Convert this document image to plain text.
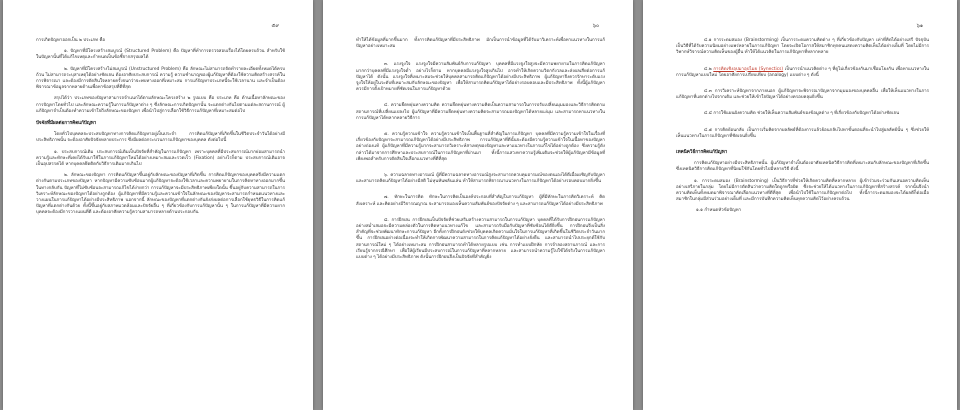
๕๙

การเกิดปัญหาออกเป็น ๒ ประเภท คือ

๑. ปัญหาที่มีโครงสร้างสมบูรณ์ (Structured Problem) คือ ปัญหาที่ทำการตรวจสอบเรื่องได้โดยครบถ้วน สำหรับใช้ในปัญหานั้นที่ได้แก้ไขเหตุและกำหนดเป็นข้อชี้จากสรุปผลได้

๒. ปัญหาที่มีโครงสร้างไม่สมบูรณ์ (Unstructured Problem) คือ ลักษณะไม่สามารถจัดทำรายละเอียดทั้งหมดได้ครบถ้วน ไม่สามารถระบุสาเหตุได้อย่างชัดเจน ต้องอาศัยประสบการณ์ ความรู้ ความชำนาญของผู้แก้ปัญหาที่ต้องใช้ความคิดสร้างสรรค์ในการพิจารณา และต้องมีการตัดสินใจหลายครั้งจนกว่าจะพบทางออกที่เหมาะสม การแก้ปัญหาประเภทนี้จะใช้เวลานาน และจำเป็นต้องพิจารณาข้อมูลจากหลายด้านเพื่อหาข้อสรุปที่ดีที่สุด

สรุปได้ว่า ประเภทของปัญหาสามารถจำแนกได้ตามลักษณะโครงสร้าง ๒ รูปแบบ คือ ประเภท คือ ด้านเนื้อหาลักษณะของการปัญหาโดยทั่วไป และลักษณะความรู้ในการแก้ปัญหาต่าง ๆ ซึ่งลักษณะการเกิดปัญหานั้น จะแตกต่างกันไปตามแต่ละสถานการณ์ ผู้แก้ปัญหาจำเป็นต้องทำความเข้าใจถึงลักษณะของปัญหา เพื่อนำไปสู่การเลือกใช้วิธีการแก้ปัญหาที่เหมาะสมต่อไป

ปัจจัยที่มีผลต่อการคิดแก้ปัญหา

โดยทั่วไปบุคคลจะประสบปัญหาทางการคิดแก้ปัญหาอยู่เป็นประจำ การคิดแก้ปัญหาที่เกิดขึ้นในชีวิตประจำวันได้อย่างมีประสิทธิภาพนั้น จะต้องอาศัยปัจจัยหลายประการ ซึ่งมีผลต่อกระบวนการแก้ปัญหาของบุคคล ดังต่อไปนี้

๑. ประสบการณ์เดิม ประสบการณ์เดิมเป็นปัจจัยที่สำคัญในการแก้ปัญหา เพราะบุคคลที่มีประสบการณ์มากย่อมสามารถนำความรู้และทักษะที่เคยได้รับมาใช้ในการแก้ปัญหาใหม่ได้อย่างเหมาะสมและรวดเร็ว (Fixation) อย่างไรก็ตาม ประสบการณ์เดิมอาจเป็นอุปสรรคได้ หากบุคคลยึดติดกับวิธีการเดิมมากเกินไป

๒. ลักษณะของปัญหา การคิดแก้ปัญหาขึ้นอยู่กับลักษณะของปัญหาที่เกิดขึ้น การคิดแก้ปัญหาของบุคคลจึงมีความแตกต่างกันตามประเภทของปัญหา หากปัญหามีความซับซ้อนมากผู้แก้ปัญหาจะต้องใช้เวลาและความพยายามในการคิดหาทางออกมากขึ้น ในทางกลับกัน ปัญหาที่ไม่ซับซ้อนจะสามารถแก้ไขได้ง่ายกว่า การแก้ปัญหาจะมีประสิทธิภาพเพียงใดนั้น ขึ้นอยู่กับความสามารถในการวิเคราะห์ลักษณะของปัญหาได้อย่างถูกต้อง ผู้แก้ปัญหาที่มีความรู้และความเข้าใจในลักษณะของปัญหาจะสามารถกำหนดแนวทางและวางแผนในการแก้ปัญหาได้อย่างมีประสิทธิภาพ นอกจากนี้ ลักษณะของปัญหาที่แตกต่างกันยังส่งผลต่อการเลือกใช้ยุทธวิธีในการคิดแก้ปัญหาที่แตกต่างกันด้วย ทั้งนี้ขึ้นอยู่กับสภาพแวดล้อมและปัจจัยอื่น ๆ ที่เกี่ยวข้องกับการแก้ปัญหานั้น ๆ ในการแก้ปัญหาที่มีความยากบุคคลจะต้องมีการวางแผนที่ดี และต้องอาศัยความรู้ความสามารถหลายด้านประกอบกัน

๖๐

ทำให้ได้ข้อมูลที่มากขึ้นมาก ทั้งการคิดแก้ปัญหาที่มีประสิทธิภาพ มักเป็นการนำข้อมูลที่ได้รับมาวิเคราะห์เพื่อหาแนวทางในการแก้ปัญหาอย่างเหมาะสม

๓. แรงจูงใจ แรงจูงใจมีความสัมพันธ์กับการแก้ปัญหา บุคคลที่มีแรงจูงใจสูงจะมีความพยายามในการคิดแก้ปัญหามากกว่าบุคคลที่มีแรงจูงใจต่ำ อย่างไรก็ตาม หากบุคคลมีแรงจูงใจสูงเกินไป อาจทำให้เกิดความวิตกกังวลและส่งผลเสียต่อการแก้ปัญหาได้ ดังนั้น แรงจูงใจที่เหมาะสมจะช่วยให้บุคคลสามารถคิดแก้ปัญหาได้อย่างมีประสิทธิภาพ ผู้แก้ปัญหาจึงควรรักษาระดับแรงจูงใจให้อยู่ในระดับที่เหมาะสมกับลักษณะของปัญหา เพื่อให้สามารถคิดแก้ปัญหาได้อย่างรอบคอบและมีประสิทธิภาพ ทั้งนี้ผู้แก้ปัญหาควรมีการตั้งเป้าหมายที่ชัดเจนในการแก้ปัญหาด้วย

๔. ความยืดหยุ่นทางความคิด ความยืดหยุ่นทางความคิดเป็นความสามารถในการปรับเปลี่ยนมุมมองและวิธีการคิดตามสถานการณ์ที่เปลี่ยนแปลงไป ผู้แก้ปัญหาที่มีความยืดหยุ่นทางความคิดจะสามารถมองปัญหาได้หลายแง่มุม และสามารถหาแนวทางในการแก้ปัญหาได้หลากหลายวิธีการ

๕. ความรู้ความเข้าใจ ความรู้ความเข้าใจเป็นพื้นฐานที่สำคัญในการแก้ปัญหา บุคคลที่มีความรู้ความเข้าใจในเรื่องที่เกี่ยวข้องกับปัญหาจะสามารถแก้ปัญหาได้อย่างมีประสิทธิภาพ การแก้ปัญหาที่ดีนั้นจะต้องมีความรู้ความเข้าใจในเนื้อหาของปัญหาอย่างถ่องแท้ ผู้แก้ปัญหาที่มีความรู้มากจะสามารถวิเคราะห์สาเหตุของปัญหาและหาแนวทางในการแก้ไขได้อย่างถูกต้อง ซึ่งความรู้ดังกล่าวได้มาจากการศึกษาและประสบการณ์ในการแก้ปัญหาที่ผ่านมา ทั้งนี้การแสวงหาความรู้เพิ่มเติมจะช่วยให้ผู้แก้ปัญหามีข้อมูลที่เพียงพอสำหรับการตัดสินใจเลือกแนวทางที่ดีที่สุด

๖. ความฉลาดทางอารมณ์ ผู้ที่มีความฉลาดทางอารมณ์สูงจะสามารถควบคุมอารมณ์ของตนเองได้ดีเมื่อเผชิญกับปัญหา และสามารถคิดแก้ปัญหาได้อย่างมีสติ ไม่หุนหันพลันแล่น ทำให้สามารถพิจารณาแนวทางในการแก้ปัญหาได้อย่างรอบคอบมากยิ่งขึ้น

๗. ทักษะในการคิด ทักษะในการคิดเป็นองค์ประกอบที่สำคัญในการแก้ปัญหา ผู้ที่มีทักษะในการคิดวิเคราะห์ คิดสังเคราะห์ และคิดอย่างมีวิจารณญาณ จะสามารถมองเห็นความสัมพันธ์ของปัจจัยต่าง ๆ และสามารถแก้ปัญหาได้อย่างมีประสิทธิภาพ

๘. การฝึกฝน การฝึกฝนเป็นปัจจัยที่ช่วยเสริมสร้างความสามารถในการแก้ปัญหา บุคคลที่ได้รับการฝึกฝนการแก้ปัญหาอย่างสม่ำเสมอจะมีความคล่องตัวในการคิดหาแนวทางแก้ไข และสามารถรับมือกับปัญหาที่ซับซ้อนได้ดียิ่งขึ้น การฝึกฝนจึงเป็นสิ่งสำคัญที่จะช่วยพัฒนาทักษะการแก้ปัญหา อีกทั้งการฝึกฝนยังช่วยให้บุคคลเกิดความมั่นใจในการแก้ปัญหาที่เกิดขึ้นในชีวิตประจำวันมากขึ้น การฝึกฝนอย่างต่อเนื่องจะทำให้เกิดการพัฒนาความสามารถในการคิดแก้ปัญหาได้อย่างยั่งยืน และสามารถนำไปประยุกต์ใช้กับสถานการณ์ใหม่ ๆ ได้อย่างเหมาะสม การฝึกฝนสามารถทำได้หลายรูปแบบ เช่น การทำแบบฝึกหัด การจำลองสถานการณ์ และการเรียนรู้จากกรณีศึกษา เพื่อให้ผู้เรียนมีประสบการณ์ในการแก้ปัญหาที่หลากหลาย และสามารถนำความรู้ไปใช้ได้จริงในการแก้ปัญหาแบบต่าง ๆ ได้อย่างมีประสิทธิภาพ ดังนั้นการฝึกฝนจึงเป็นปัจจัยที่สำคัญยิ่ง

๖๑

๔.๑ การระดมสมอง (Brainstorming) เป็นการระดมความคิดต่าง ๆ ที่เกี่ยวข้องกับปัญหา เท่าที่คิดได้อย่างเสรี ปัจจุบันเป็นวิธีที่ได้รับความนิยมอย่างแพร่หลายในการแก้ปัญหา โดยจะเปิดโอกาสให้สมาชิกทุกคนแสดงความคิดเห็นได้อย่างเต็มที่ โดยไม่มีการวิพากษ์วิจารณ์ความคิดเห็นของผู้อื่น ทำให้ได้แนวคิดในการแก้ปัญหาที่หลากหลาย

๔.๒ การคิดเชิงอุปมาอุปไมย (Synectics) เป็นการนำแนวคิดต่าง ๆ ที่ดูไม่เกี่ยวข้องกันมาเชื่อมโยงกัน เพื่อหาแนวทางในการแก้ปัญหาแบบใหม่ โดยอาศัยการเปรียบเทียบ (analogy) แบบต่าง ๆ ดังนี้

๔.๓ การวิเคราะห์ปัญหาจากภายนอก ผู้แก้ปัญหาจะพิจารณาปัญหาจากมุมมองของบุคคลอื่น เพื่อให้เห็นแนวทางในการแก้ปัญหาที่แตกต่างไปจากเดิม และช่วยให้เข้าใจปัญหาได้อย่างครอบคลุมยิ่งขึ้น

๔.๔ การใช้แผนผังความคิด ช่วยให้เห็นความสัมพันธ์ของข้อมูลต่าง ๆ ที่เกี่ยวข้องกับปัญหาได้อย่างชัดเจน

๔.๕ การคิดย้อนกลับ เป็นการเริ่มคิดจากผลลัพธ์ที่ต้องการแล้วย้อนกลับไปหาขั้นตอนที่จะนำไปสู่ผลลัพธ์นั้น ๆ ซึ่งช่วยให้เห็นแนวทางในการแก้ปัญหาที่ชัดเจนยิ่งขึ้น

เทคนิควิธีการคิดแก้ปัญหา

การคิดแก้ปัญหาอย่างมีประสิทธิภาพนั้น ผู้แก้ปัญหาจำเป็นต้องอาศัยเทคนิควิธีการคิดที่เหมาะสมกับลักษณะของปัญหาที่เกิดขึ้น ซึ่งเทคนิควิธีการคิดแก้ปัญหาที่นิยมใช้กันโดยทั่วไปมีหลายวิธี ดังนี้

๑. การระดมสมอง (Brainstorming) เป็นวิธีการที่ช่วยให้เกิดความคิดที่หลากหลาย ผู้เข้าร่วมจะร่วมกันเสนอความคิดเห็นอย่างเสรีภายในกลุ่ม โดยไม่มีการตัดสินว่าความคิดใดถูกหรือผิด ซึ่งจะช่วยให้ได้แนวทางในการแก้ปัญหาที่สร้างสรรค์ จากนั้นจึงนำความคิดเห็นทั้งหมดมาพิจารณาคัดเลือกแนวทางที่ดีที่สุด เพื่อนำไปใช้ในการแก้ปัญหาต่อไป ทั้งนี้การระดมสมองจะได้ผลดีก็ต่อเมื่อสมาชิกในกลุ่มมีส่วนร่วมอย่างเต็มที่ และมีการบันทึกความคิดเห็นทุกความคิดไว้อย่างครบถ้วน

๑.๑ กำหนดหัวข้อปัญหา
